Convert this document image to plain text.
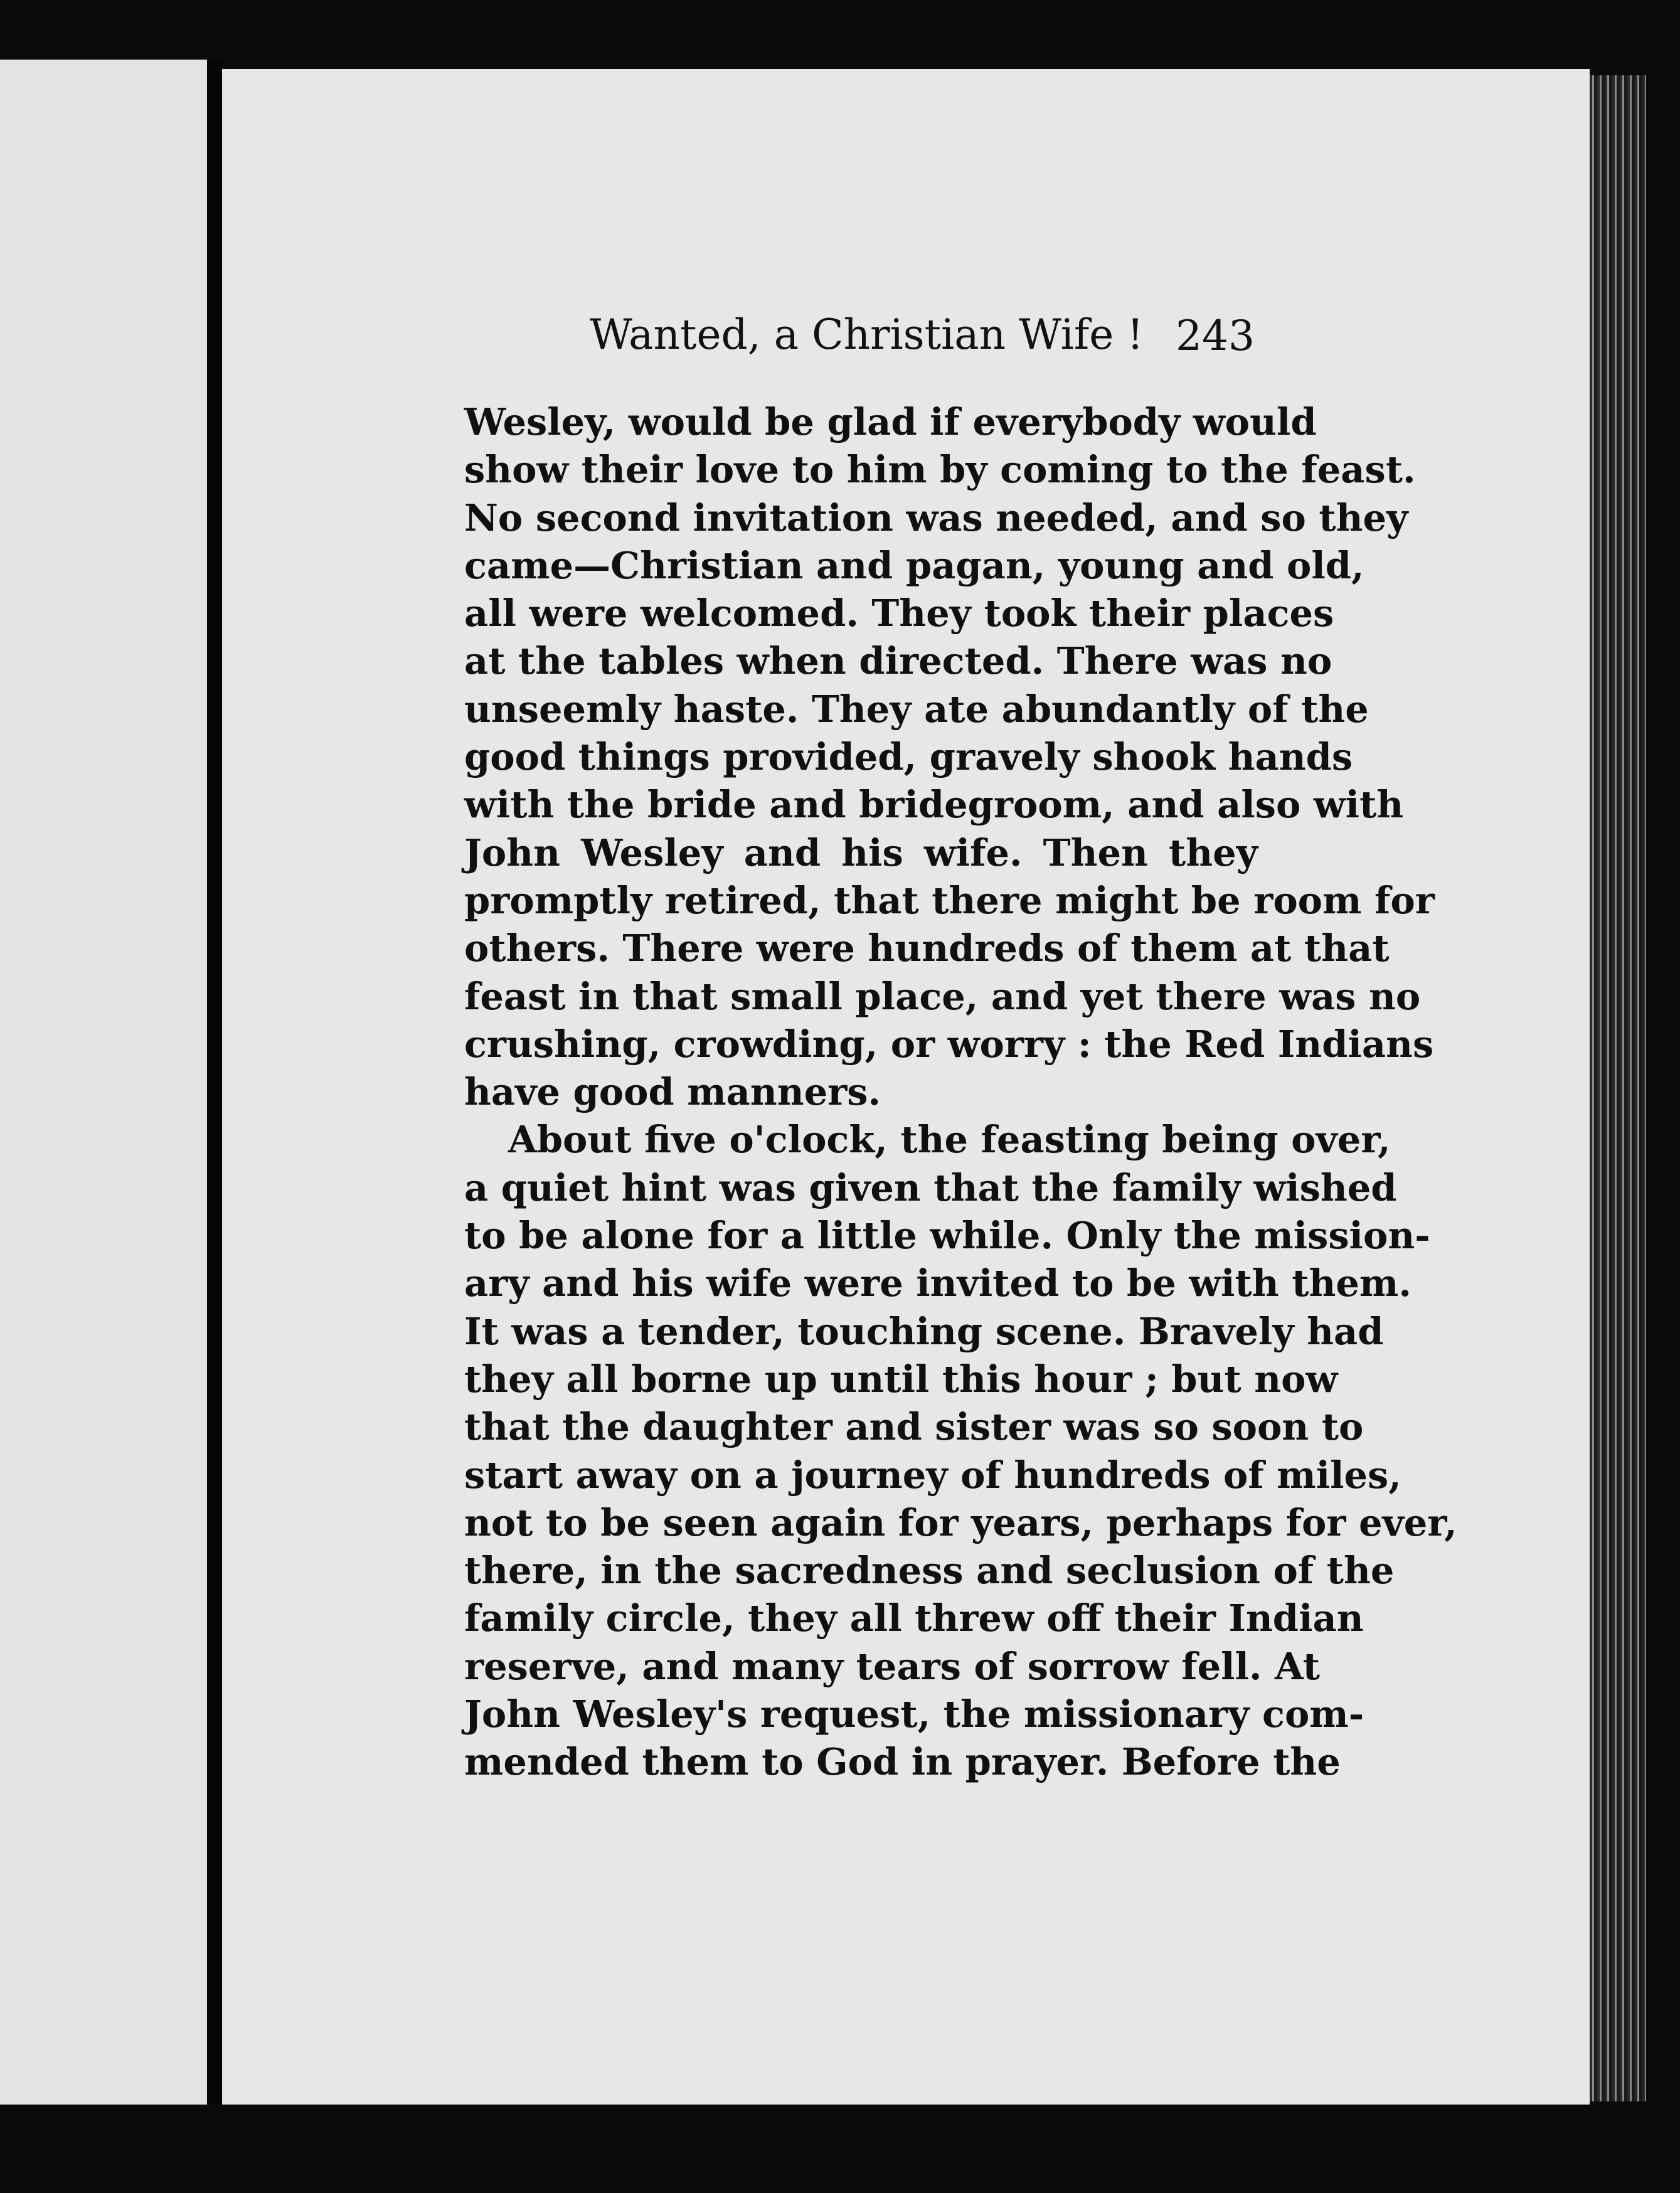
Wanted, a Christian Wife ! 243
Wesley, would be glad if everybody would
show their love to him by coming to the feast.
No second invitation was needed, and so they
came—Christian and pagan, young and old,
all were welcomed. They took their places
at the tables when directed. There was no
unseemly haste. They ate abundantly of the
good things provided, gravely shook hands
with the bride and bridegroom, and also with
John Wesley and his wife. Then they
promptly retired, that there might be room for
others. There were hundreds of them at that
feast in that small place, and yet there was no
crushing, crowding, or worry : the Red Indians
have good manners.
About five o'clock, the feasting being over,
a quiet hint was given that the family wished
to be alone for a little while. Only the mission-
ary and his wife were invited to be with them.
It was a tender, touching scene. Bravely had
they all borne up until this hour ; but now
that the daughter and sister was so soon to
start away on a journey of hundreds of miles,
not to be seen again for years, perhaps for ever,
there, in the sacredness and seclusion of the
family circle, they all threw off their Indian
reserve, and many tears of sorrow fell. At
John Wesley's request, the missionary com-
mended them to God in prayer. Before the
